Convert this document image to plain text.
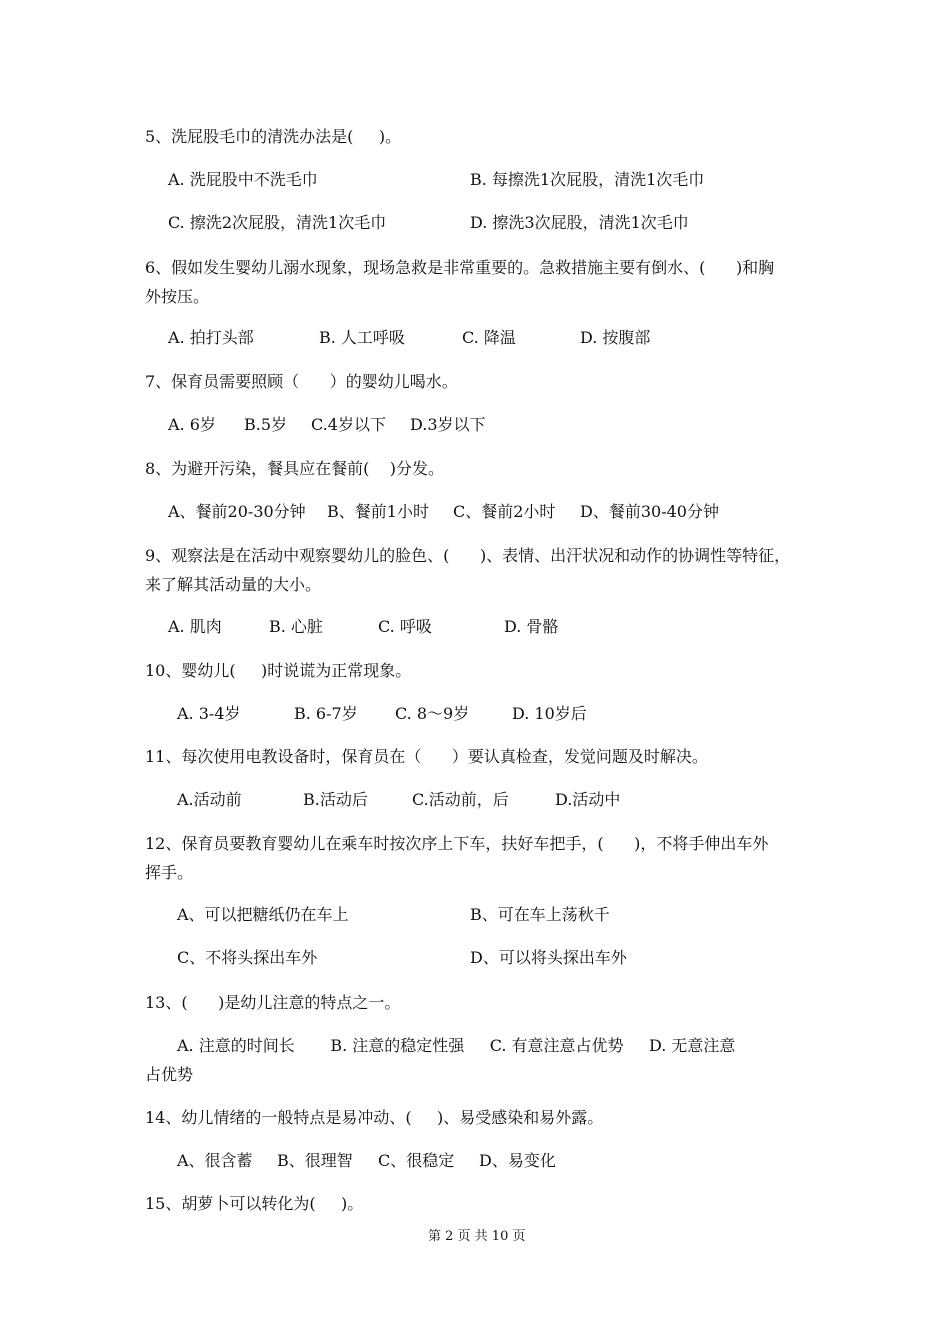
5、洗屁股毛巾的清洗办法是(     )。
A. 洗屁股中不洗毛巾	B. 每擦洗1次屁股，清洗1次毛巾
C. 擦洗2次屁股，清洗1次毛巾	D. 擦洗3次屁股，清洗1次毛巾
6、假如发生婴幼儿溺水现象，现场急救是非常重要的。急救措施主要有倒水、(      )和胸
外按压。
A. 拍打头部	B. 人工呼吸	C. 降温	D. 按腹部
7、保育员需要照顾（      ）的婴幼儿喝水。
A. 6岁 B.5岁 C.4岁以下 D.3岁以下
8、为避开污染，餐具应在餐前(    )分发。
A、餐前20-30分钟 B、餐前1小时 C、餐前2小时 D、餐前30-40分钟
9、观察法是在活动中观察婴幼儿的脸色、(      )、表情、出汗状况和动作的协调性等特征，
来了解其活动量的大小。
A. 肌肉	B. 心脏	C. 呼吸	D. 骨骼
10、婴幼儿(     )时说谎为正常现象。
A. 3-4岁	B. 6-7岁 C. 8～9岁	D. 10岁后
11、每次使用电教设备时，保育员在（      ）要认真检查，发觉问题及时解决。
A.活动前	B.活动后	C.活动前，后	D.活动中
12、保育员要教育婴幼儿在乘车时按次序上下车，扶好车把手，(      )，不将手伸出车外
挥手。
A、可以把糖纸仍在车上	B、可在车上荡秋千
C、不将头探出车外	D、可以将头探出车外
13、(      )是幼儿注意的特点之一。
A. 注意的时间长       B. 注意的稳定性强     C. 有意注意占优势     D. 无意注意
占优势
14、幼儿情绪的一般特点是易冲动、(     )、易受感染和易外露。
A、很含蓄 B、很理智 C、很稳定 D、易变化
15、胡萝卜可以转化为(     )。
第 2 页 共 10 页
